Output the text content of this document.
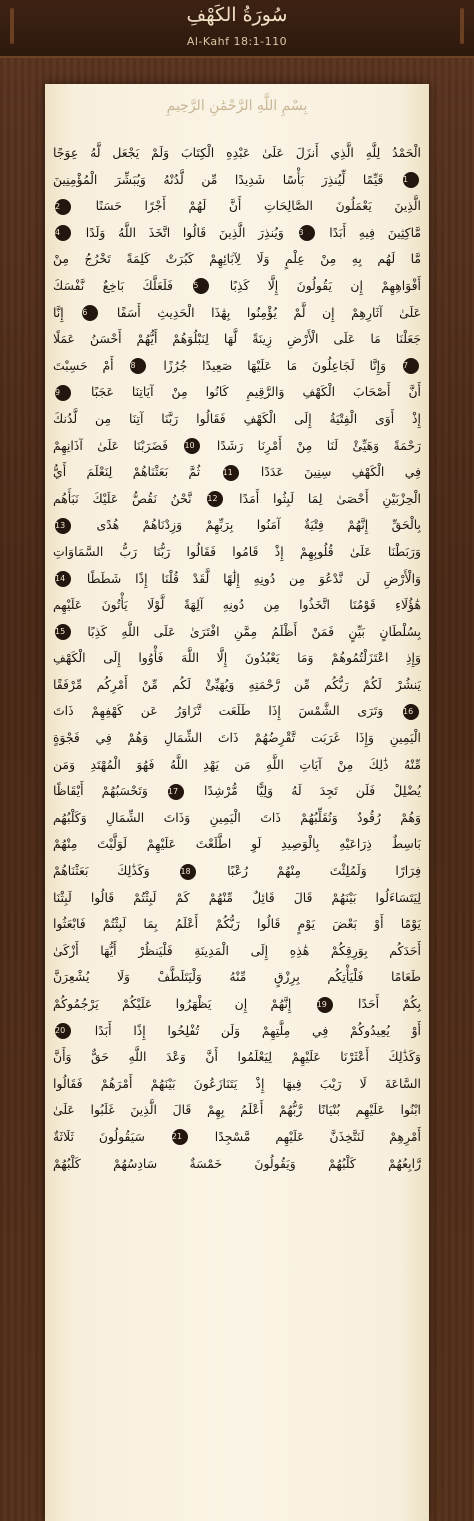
سُورَةُ الكَهْفِ
Al-Kahf 18:1-110
بِسْمِ اللَّهِ الرَّحْمَٰنِ الرَّحِيمِ
الْحَمْدُ لِلَّهِ الَّذِي أَنزَلَ عَلَىٰ عَبْدِهِ الْكِتَابَ وَلَمْ يَجْعَل لَّهُ عِوَجًا
1 قَيِّمًا لِّيُنذِرَ بَأْسًا شَدِيدًا مِّن لَّدُنْهُ وَيُبَشِّرَ الْمُؤْمِنِينَ
الَّذِينَ يَعْمَلُونَ الصَّالِحَاتِ أَنَّ لَهُمْ أَجْرًا حَسَنًا 2
مَّاكِثِينَ فِيهِ أَبَدًا 3 وَيُنذِرَ الَّذِينَ قَالُوا اتَّخَذَ اللَّهُ وَلَدًا 4
مَّا لَهُم بِهِ مِنْ عِلْمٍ وَلَا لِآبَائِهِمْ كَبُرَتْ كَلِمَةً تَخْرُجُ مِنْ
أَفْوَاهِهِمْ إِن يَقُولُونَ إِلَّا كَذِبًا 5 فَلَعَلَّكَ بَاخِعٌ نَّفْسَكَ
عَلَىٰ آثَارِهِمْ إِن لَّمْ يُؤْمِنُوا بِهَٰذَا الْحَدِيثِ أَسَفًا 6 إِنَّا
جَعَلْنَا مَا عَلَى الْأَرْضِ زِينَةً لَّهَا لِنَبْلُوَهُمْ أَيُّهُمْ أَحْسَنُ عَمَلًا
7 وَإِنَّا لَجَاعِلُونَ مَا عَلَيْهَا صَعِيدًا جُرُزًا 8 أَمْ حَسِبْتَ
أَنَّ أَصْحَابَ الْكَهْفِ وَالرَّقِيمِ كَانُوا مِنْ آيَاتِنَا عَجَبًا 9
إِذْ أَوَى الْفِتْيَةُ إِلَى الْكَهْفِ فَقَالُوا رَبَّنَا آتِنَا مِن لَّدُنكَ
رَحْمَةً وَهَيِّئْ لَنَا مِنْ أَمْرِنَا رَشَدًا 10 فَضَرَبْنَا عَلَىٰ آذَانِهِمْ
فِي الْكَهْفِ سِنِينَ عَدَدًا 11 ثُمَّ بَعَثْنَاهُمْ لِنَعْلَمَ أَيُّ
الْحِزْبَيْنِ أَحْصَىٰ لِمَا لَبِثُوا أَمَدًا 12 نَّحْنُ نَقُصُّ عَلَيْكَ نَبَأَهُم
بِالْحَقِّ إِنَّهُمْ فِتْيَةٌ آمَنُوا بِرَبِّهِمْ وَزِدْنَاهُمْ هُدًى 13
وَرَبَطْنَا عَلَىٰ قُلُوبِهِمْ إِذْ قَامُوا فَقَالُوا رَبُّنَا رَبُّ السَّمَاوَاتِ
وَالْأَرْضِ لَن نَّدْعُوَ مِن دُونِهِ إِلَٰهًا لَّقَدْ قُلْنَا إِذًا شَطَطًا 14
هَٰؤُلَاءِ قَوْمُنَا اتَّخَذُوا مِن دُونِهِ آلِهَةً لَّوْلَا يَأْتُونَ عَلَيْهِم
بِسُلْطَانٍ بَيِّنٍ فَمَنْ أَظْلَمُ مِمَّنِ افْتَرَىٰ عَلَى اللَّهِ كَذِبًا 15
وَإِذِ اعْتَزَلْتُمُوهُمْ وَمَا يَعْبُدُونَ إِلَّا اللَّهَ فَأْوُوا إِلَى الْكَهْفِ
يَنشُرْ لَكُمْ رَبُّكُم مِّن رَّحْمَتِهِ وَيُهَيِّئْ لَكُم مِّنْ أَمْرِكُم مِّرْفَقًا
16 وَتَرَى الشَّمْسَ إِذَا طَلَعَت تَّزَاوَرُ عَن كَهْفِهِمْ ذَاتَ
الْيَمِينِ وَإِذَا غَرَبَت تَّقْرِضُهُمْ ذَاتَ الشِّمَالِ وَهُمْ فِي فَجْوَةٍ
مِّنْهُ ذَٰلِكَ مِنْ آيَاتِ اللَّهِ مَن يَهْدِ اللَّهُ فَهُوَ الْمُهْتَدِ وَمَن
يُضْلِلْ فَلَن تَجِدَ لَهُ وَلِيًّا مُّرْشِدًا 17 وَتَحْسَبُهُمْ أَيْقَاظًا
وَهُمْ رُقُودٌ وَنُقَلِّبُهُمْ ذَاتَ الْيَمِينِ وَذَاتَ الشِّمَالِ وَكَلْبُهُم
بَاسِطٌ ذِرَاعَيْهِ بِالْوَصِيدِ لَوِ اطَّلَعْتَ عَلَيْهِمْ لَوَلَّيْتَ مِنْهُمْ
فِرَارًا وَلَمُلِئْتَ مِنْهُمْ رُعْبًا 18 وَكَذَٰلِكَ بَعَثْنَاهُمْ
لِيَتَسَاءَلُوا بَيْنَهُمْ قَالَ قَائِلٌ مِّنْهُمْ كَمْ لَبِثْتُمْ قَالُوا لَبِثْنَا
يَوْمًا أَوْ بَعْضَ يَوْمٍ قَالُوا رَبُّكُمْ أَعْلَمُ بِمَا لَبِثْتُمْ فَابْعَثُوا
أَحَدَكُم بِوَرِقِكُمْ هَٰذِهِ إِلَى الْمَدِينَةِ فَلْيَنظُرْ أَيُّهَا أَزْكَىٰ
طَعَامًا فَلْيَأْتِكُم بِرِزْقٍ مِّنْهُ وَلْيَتَلَطَّفْ وَلَا يُشْعِرَنَّ
بِكُمْ أَحَدًا 19 إِنَّهُمْ إِن يَظْهَرُوا عَلَيْكُمْ يَرْجُمُوكُمْ
أَوْ يُعِيدُوكُمْ فِي مِلَّتِهِمْ وَلَن تُفْلِحُوا إِذًا أَبَدًا 20
وَكَذَٰلِكَ أَعْثَرْنَا عَلَيْهِمْ لِيَعْلَمُوا أَنَّ وَعْدَ اللَّهِ حَقٌّ وَأَنَّ
السَّاعَةَ لَا رَيْبَ فِيهَا إِذْ يَتَنَازَعُونَ بَيْنَهُمْ أَمْرَهُمْ فَقَالُوا
ابْنُوا عَلَيْهِم بُنْيَانًا رَّبُّهُمْ أَعْلَمُ بِهِمْ قَالَ الَّذِينَ غَلَبُوا عَلَىٰ
أَمْرِهِمْ لَنَتَّخِذَنَّ عَلَيْهِم مَّسْجِدًا 21 سَيَقُولُونَ ثَلَاثَةٌ
رَّابِعُهُمْ كَلْبُهُمْ وَيَقُولُونَ خَمْسَةٌ سَادِسُهُمْ كَلْبُهُمْ
